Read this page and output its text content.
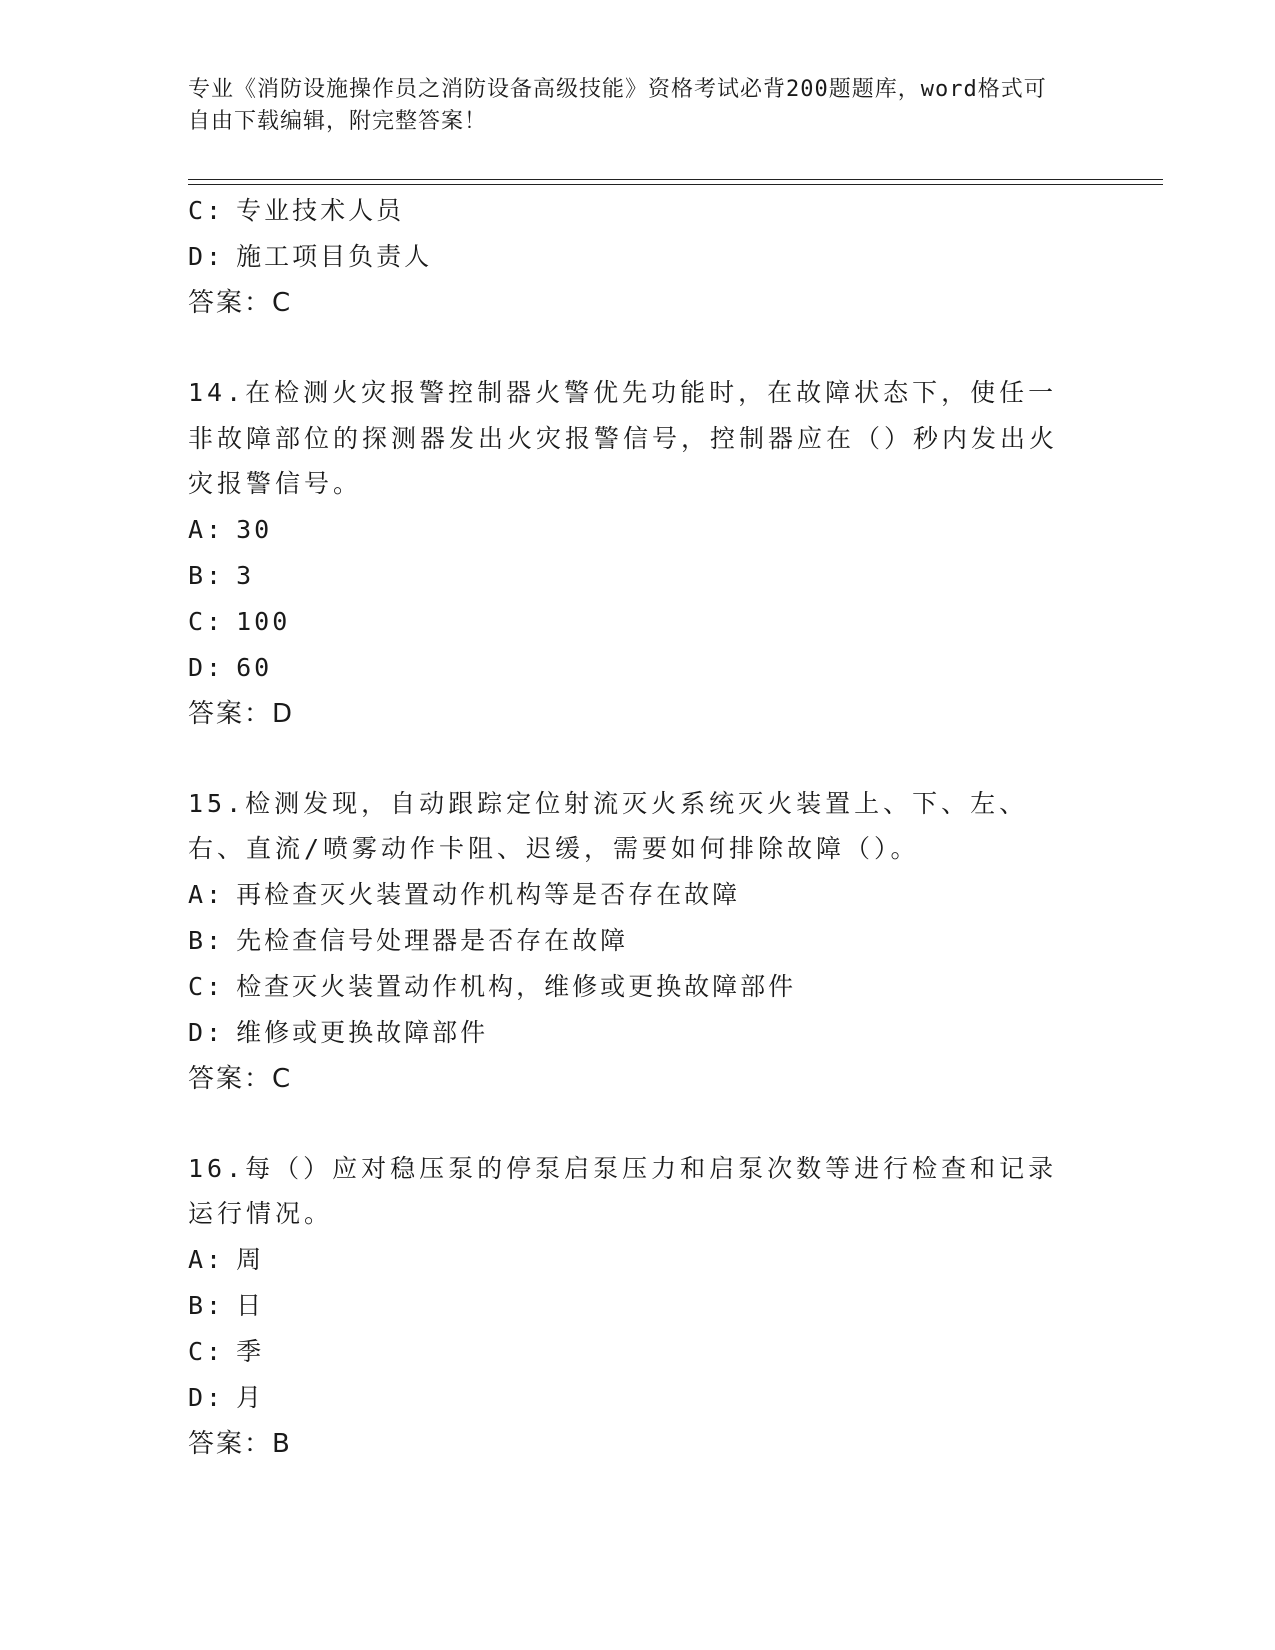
专业《消防设施操作员之消防设备高级技能》资格考试必背200题题库，word格式可自由下载编辑，附完整答案！
C: 专业技术人员
D: 施工项目负责人
答案：C
14.在检测火灾报警控制器火警优先功能时，在故障状态下，使任一非故障部位的探测器发出火灾报警信号，控制器应在（）秒内发出火灾报警信号。
A: 30
B: 3
C: 100
D: 60
答案：D
15.检测发现，自动跟踪定位射流灭火系统灭火装置上、下、左、右、直流/喷雾动作卡阻、迟缓，需要如何排除故障（）。
A: 再检查灭火装置动作机构等是否存在故障
B: 先检查信号处理器是否存在故障
C: 检查灭火装置动作机构，维修或更换故障部件
D: 维修或更换故障部件
答案：C
16.每（）应对稳压泵的停泵启泵压力和启泵次数等进行检查和记录运行情况。
A: 周
B: 日
C: 季
D: 月
答案：B
